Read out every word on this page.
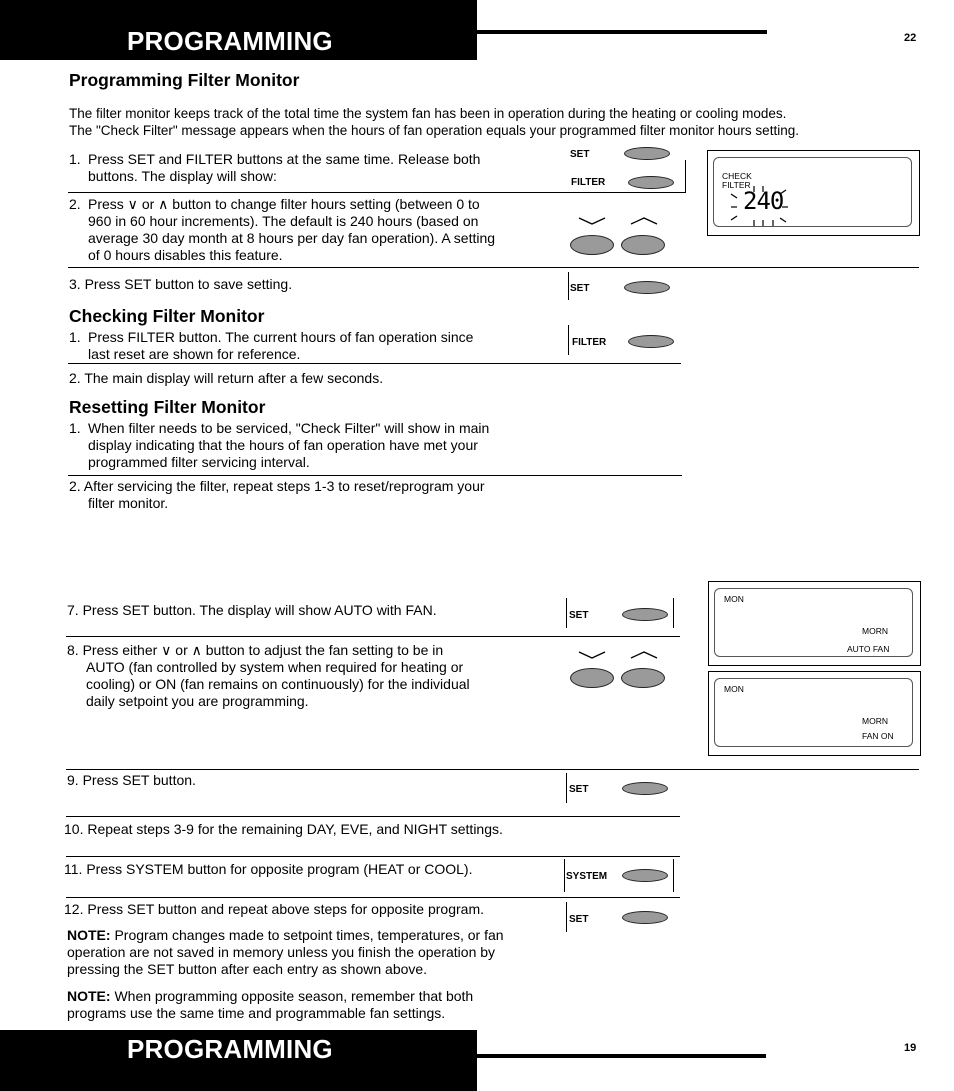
PROGRAMMING	22
Programming Filter Monitor
The filter monitor keeps track of the total time the system fan has been in operation during the heating or cooling modes.
The "Check Filter" message appears when the hours of fan operation equals your programmed filter monitor hours setting.
1. Press SET and FILTER buttons at the same time. Release both
buttons. The display will show:
SET
FILTER
CHECK
FILTER
240
2. Press ∨ or ∧ button to change filter hours setting (between 0 to
960 in 60 hour increments). The default is 240 hours (based on
average 30 day month at 8 hours per day fan operation). A setting
of 0 hours disables this feature.
3. Press SET button to save setting.	SET
Checking Filter Monitor
1. Press FILTER button. The current hours of fan operation since
last reset are shown for reference.
FILTER
2. The main display will return after a few seconds.
Resetting Filter Monitor
1. When filter needs to be serviced, "Check Filter" will show in main
display indicating that the hours of fan operation have met your
programmed filter servicing interval.
2. After servicing the filter, repeat steps 1-3 to reset/reprogram your
filter monitor.
7. Press SET button. The display will show AUTO with FAN.	SET
MON
MORN
AUTO FAN
MON
MORN
FAN ON
8. Press either ∨ or ∧ button to adjust the fan setting to be in
AUTO (fan controlled by system when required for heating or
cooling) or ON (fan remains on continuously) for the individual
daily setpoint you are programming.
9. Press SET button.
SET
10. Repeat steps 3-9 for the remaining DAY, EVE, and NIGHT settings.
11. Press SYSTEM button for opposite program (HEAT or COOL).	SYSTEM
12. Press SET button and repeat above steps for opposite program.
SET
NOTE: Program changes made to setpoint times, temperatures, or fan
operation are not saved in memory unless you finish the operation by
pressing the SET button after each entry as shown above.
NOTE: When programming opposite season, remember that both
programs use the same time and programmable fan settings.
PROGRAMMING	19
